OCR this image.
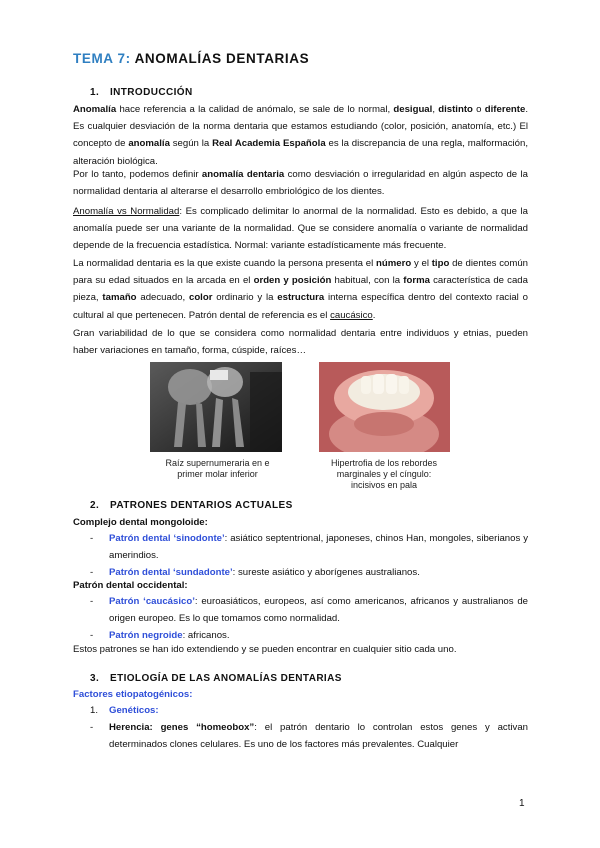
TEMA 7: ANOMALÍAS DENTARIAS
1. INTRODUCCIÓN
Anomalía hace referencia a la calidad de anómalo, se sale de lo normal, desigual, distinto o diferente. Es cualquier desviación de la norma dentaria que estamos estudiando (color, posición, anatomía, etc.) El concepto de anomalía según la Real Academia Española es la discrepancia de una regla, malformación, alteración biológica.
Por lo tanto, podemos definir anomalía dentaria como desviación o irregularidad en algún aspecto de la normalidad dentaria al alterarse el desarrollo embriológico de los dientes.
Anomalía vs Normalidad: Es complicado delimitar lo anormal de la normalidad. Esto es debido, a que la anomalía puede ser una variante de la normalidad. Que se considere anomalía o variante de normalidad depende de la frecuencia estadística. Normal: variante estadísticamente más frecuente.
La normalidad dentaria es la que existe cuando la persona presenta el número y el tipo de dientes común para su edad situados en la arcada en el orden y posición habitual, con la forma característica de cada pieza, tamaño adecuado, color ordinario y la estructura interna específica dentro del contexto racial o cultural al que pertenecen. Patrón dental de referencia es el caucásico.
Gran variabilidad de lo que se considera como normalidad dentaria entre individuos y etnias, pueden haber variaciones en tamaño, forma, cúspide, raíces…
Raíz supernumeraria en e
primer molar inferior
Hipertrofia de los rebordes
marginales y el cíngulo:
incisivos en pala
2. PATRONES DENTARIOS ACTUALES
Complejo dental mongoloide:
- Patrón dental ‘sinodonte’: asiático septentrional, japoneses, chinos Han, mongoles, siberianos y amerindios.
- Patrón dental ‘sundadonte’: sureste asiático y aborígenes australianos.
Patrón dental occidental:
- Patrón ‘caucásico’: euroasiáticos, europeos, así como americanos, africanos y australianos de origen europeo. Es lo que tomamos como normalidad.
- Patrón negroide: africanos.
Estos patrones se han ido extendiendo y se pueden encontrar en cualquier sitio cada uno.
3. ETIOLOGÍA DE LAS ANOMALÍAS DENTARIAS
Factores etiopatogénicos:
1. Genéticos:
- Herencia: genes “homeobox”: el patrón dentario lo controlan estos genes y activan determinados clones celulares. Es uno de los factores más prevalentes. Cualquier
1
